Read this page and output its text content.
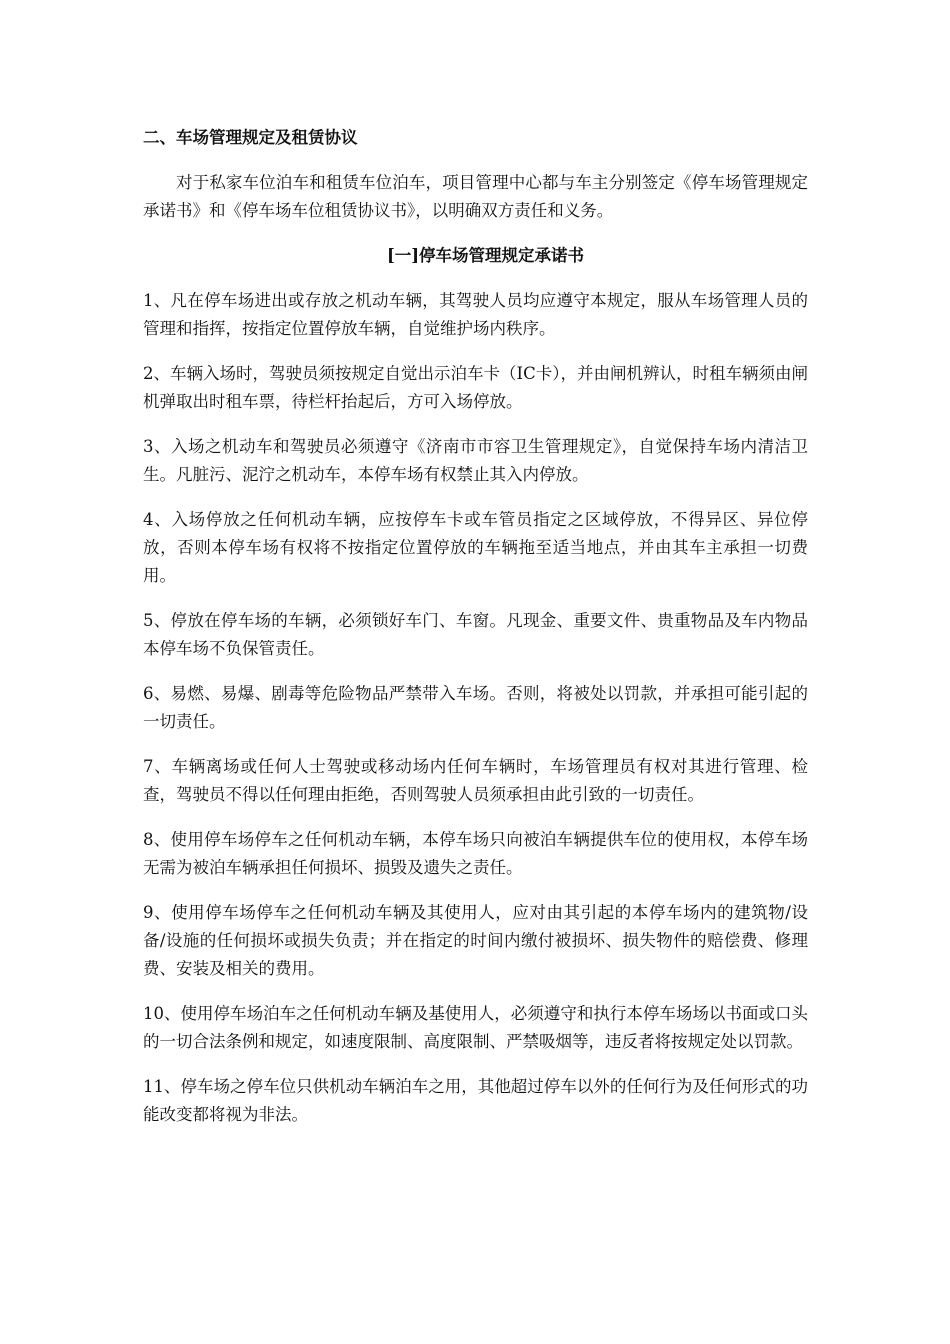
二、车场管理规定及租赁协议
对于私家车位泊车和租赁车位泊车，项目管理中心都与车主分别签定《停车场管理规定承诺书》和《停车场车位租赁协议书》，以明确双方责任和义务。
[一]停车场管理规定承诺书
1、凡在停车场进出或存放之机动车辆，其驾驶人员均应遵守本规定，服从车场管理人员的管理和指挥，按指定位置停放车辆，自觉维护场内秩序。
2、车辆入场时，驾驶员须按规定自觉出示泊车卡（IC卡），并由闸机辨认，时租车辆须由闸机弹取出时租车票，待栏杆抬起后，方可入场停放。
3、入场之机动车和驾驶员必须遵守《济南市市容卫生管理规定》，自觉保持车场内清洁卫生。凡脏污、泥泞之机动车，本停车场有权禁止其入内停放。
4、入场停放之任何机动车辆，应按停车卡或车管员指定之区域停放，不得异区、异位停放，否则本停车场有权将不按指定位置停放的车辆拖至适当地点，并由其车主承担一切费用。
5、停放在停车场的车辆，必须锁好车门、车窗。凡现金、重要文件、贵重物品及车内物品本停车场不负保管责任。
6、易燃、易爆、剧毒等危险物品严禁带入车场。否则，将被处以罚款，并承担可能引起的一切责任。
7、车辆离场或任何人士驾驶或移动场内任何车辆时，车场管理员有权对其进行管理、检查，驾驶员不得以任何理由拒绝，否则驾驶人员须承担由此引致的一切责任。
8、使用停车场停车之任何机动车辆，本停车场只向被泊车辆提供车位的使用权，本停车场无需为被泊车辆承担任何损坏、损毁及遗失之责任。
9、使用停车场停车之任何机动车辆及其使用人，应对由其引起的本停车场内的建筑物/设备/设施的任何损坏或损失负责；并在指定的时间内缴付被损坏、损失物件的赔偿费、修理费、安装及相关的费用。
10、使用停车场泊车之任何机动车辆及基使用人，必须遵守和执行本停车场场以书面或口头的一切合法条例和规定，如速度限制、高度限制、严禁吸烟等，违反者将按规定处以罚款。
11、停车场之停车位只供机动车辆泊车之用，其他超过停车以外的任何行为及任何形式的功能改变都将视为非法。
